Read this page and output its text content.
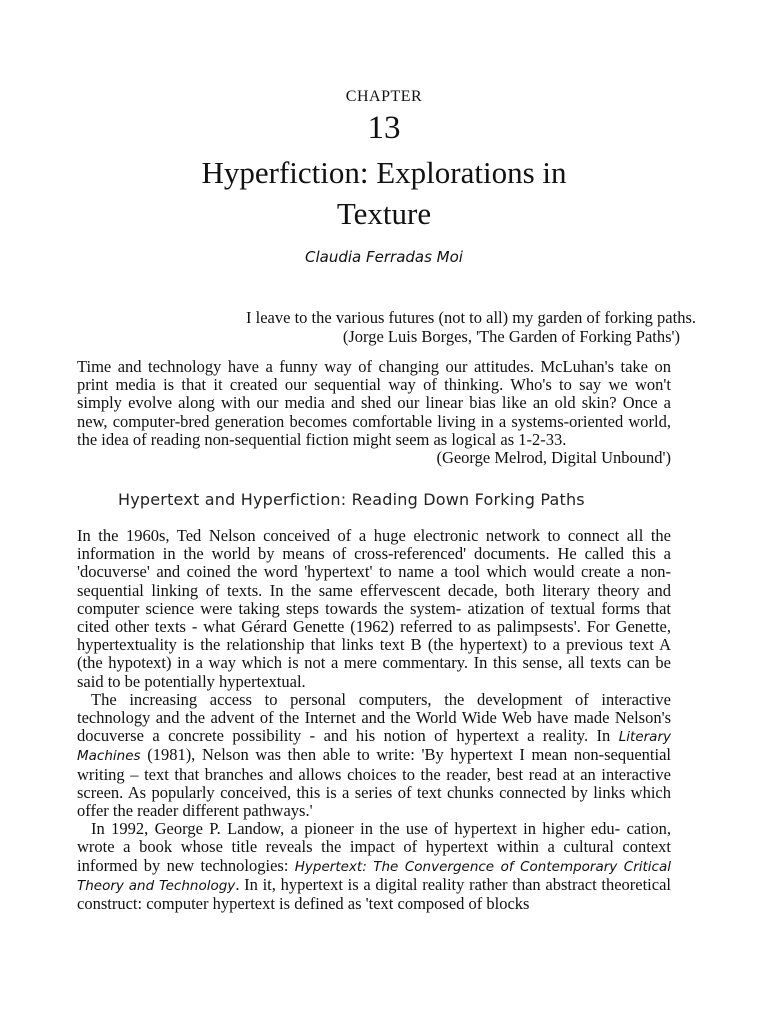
CHAPTER
13
Hyperfiction: Explorations in
Texture
Claudia Ferradas Moi
I leave to the various futures (not to all) my garden of forking paths.
(Jorge Luis Borges, 'The Garden of Forking Paths')
Time and technology have a funny way of changing our attitudes. McLuhan's take on print media is that it created our sequential way of thinking. Who's to say we won't simply evolve along with our media and shed our linear bias like an old skin? Once a new, computer-bred generation becomes comfortable living in a systems-oriented world, the idea of reading non-sequential fiction might seem as logical as 1-2-33.
(George Melrod, Digital Unbound')
Hypertext and Hyperfiction: Reading Down Forking Paths

In the 1960s, Ted Nelson conceived of a huge electronic network to connect all the information in the world by means of cross-referenced' documents. He called this a 'docuverse' and coined the word 'hypertext' to name a tool which would create a non-sequential linking of texts. In the same effervescent decade, both literary theory and computer science were taking steps towards the system- atization of textual forms that cited other texts - what Gérard Genette (1962) referred to as palimpsests'. For Genette, hypertextuality is the relationship that links text B (the hypertext) to a previous text A (the hypotext) in a way which is not a mere commentary. In this sense, all texts can be said to be potentially hypertextual.

The increasing access to personal computers, the development of interactive technology and the advent of the Internet and the World Wide Web have made Nelson's docuverse a concrete possibility - and his notion of hypertext a reality. In Literary Machines (1981), Nelson was then able to write: 'By hypertext I mean non-sequential writing – text that branches and allows choices to the reader, best read at an interactive screen. As popularly conceived, this is a series of text chunks connected by links which offer the reader different pathways.'

In 1992, George P. Landow, a pioneer in the use of hypertext in higher edu- cation, wrote a book whose title reveals the impact of hypertext within a cultural context informed by new technologies: Hypertext: The Convergence of Contemporary Critical Theory and Technology. In it, hypertext is a digital reality rather than abstract theoretical construct: computer hypertext is defined as 'text composed of blocks
